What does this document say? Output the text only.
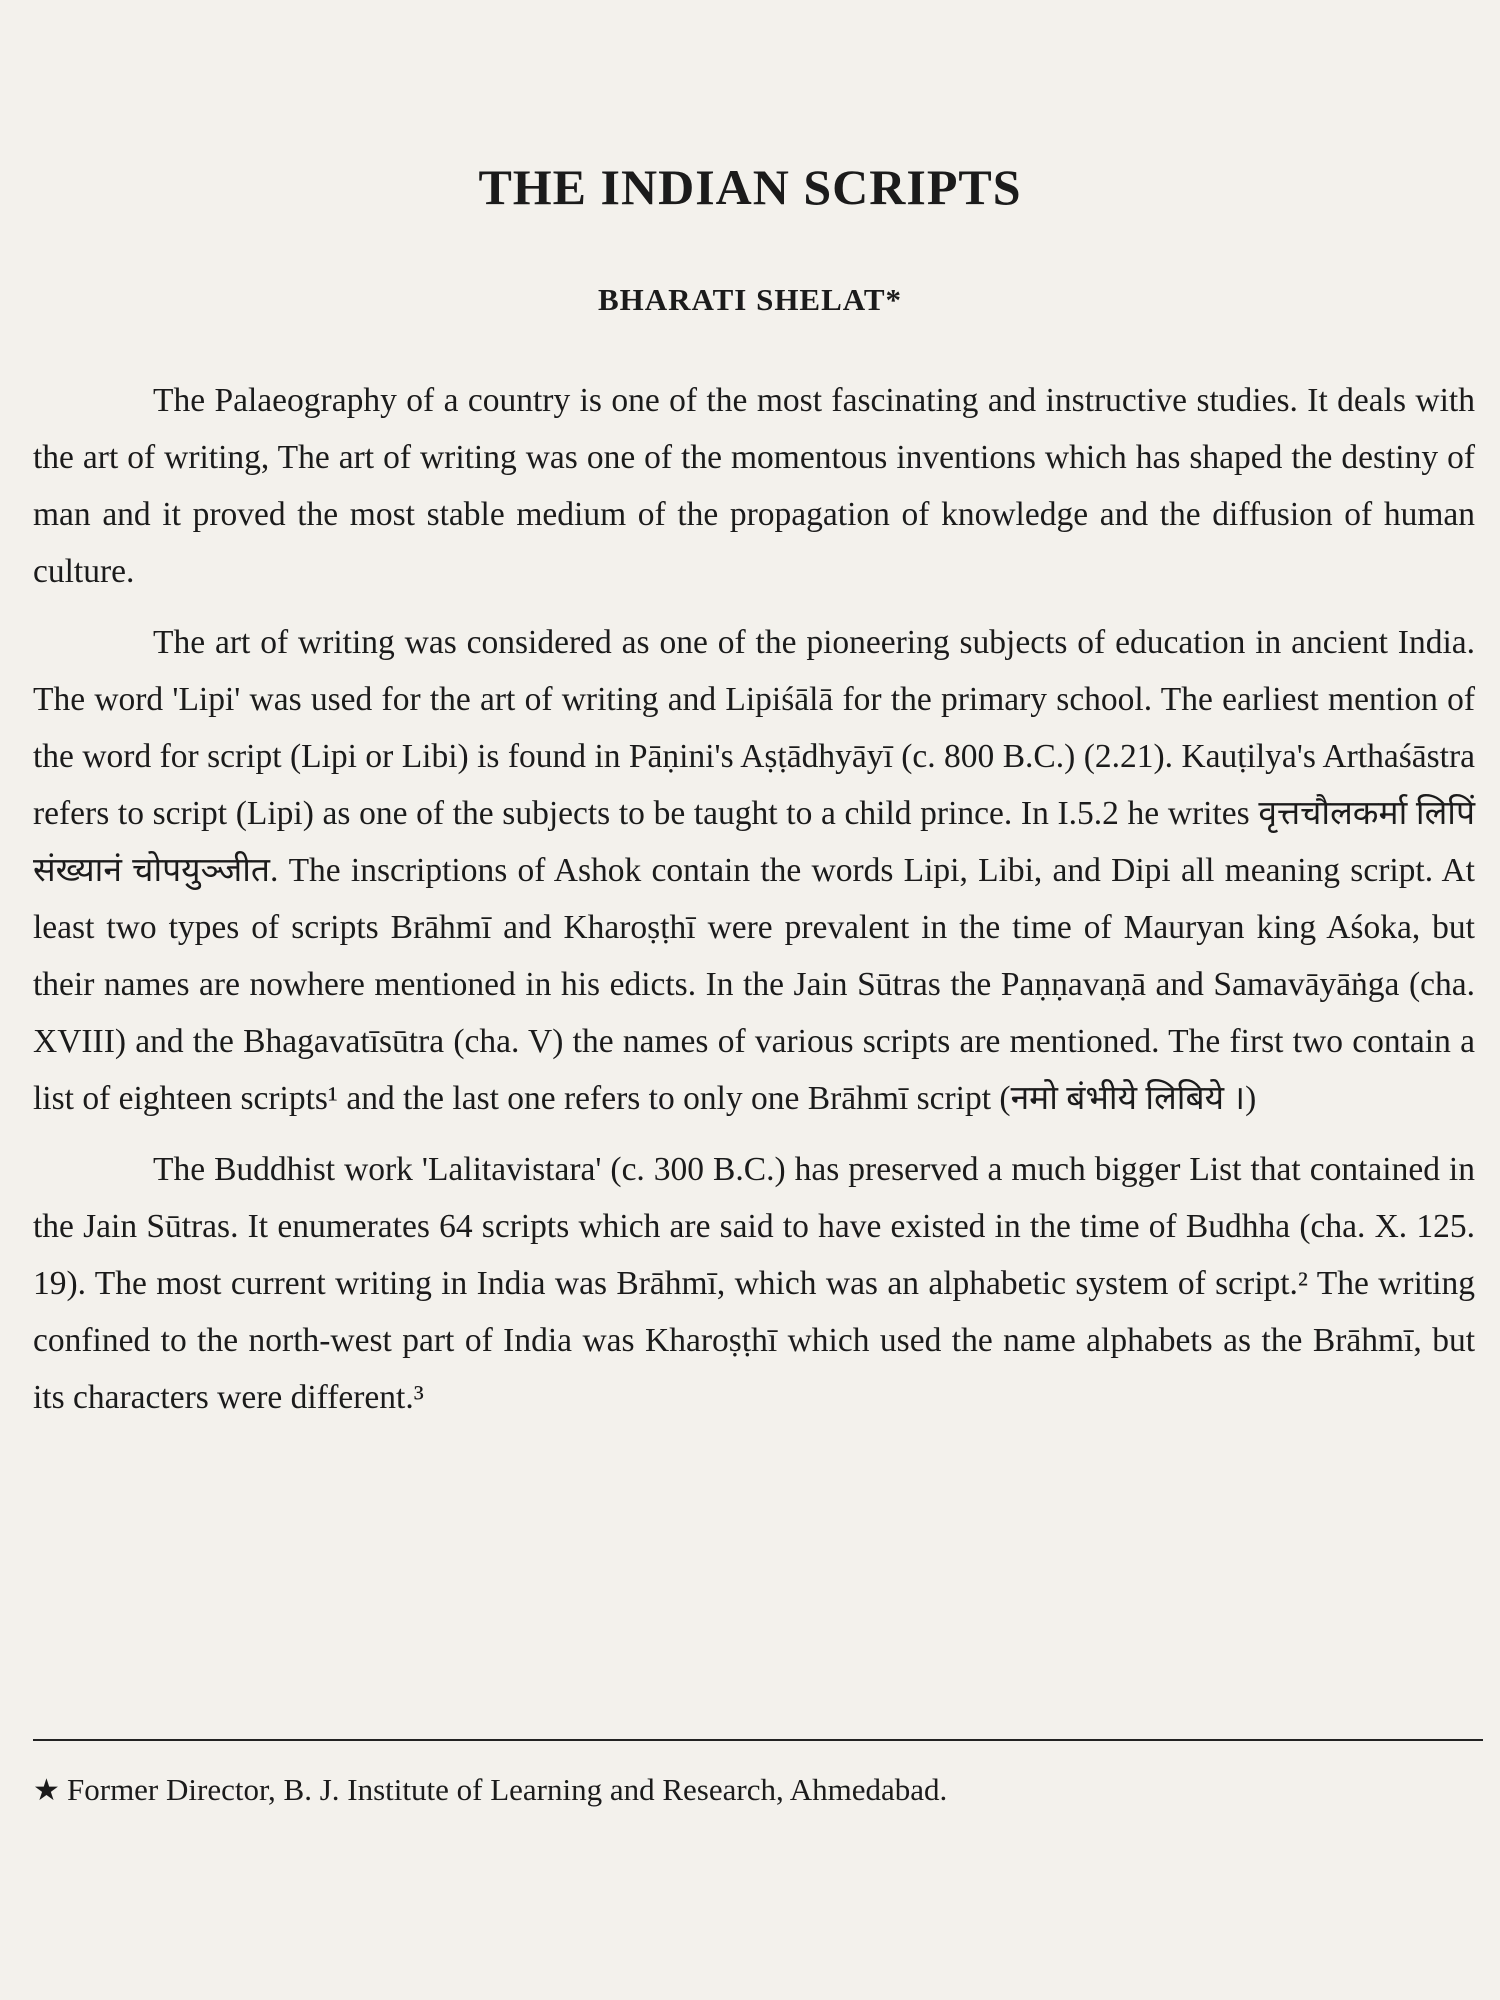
THE INDIAN SCRIPTS
BHARATI SHELAT*

The Palaeography of a country is one of the most fascinating and instructive studies. It deals with the art of writing, The art of writing was one of the momentous inventions which has shaped the destiny of man and it proved the most stable medium of the propagation of knowledge and the diffusion of human culture.

The art of writing was considered as one of the pioneering subjects of education in ancient India. The word 'Lipi' was used for the art of writing and Lipiśālā for the primary school. The earliest mention of the word for script (Lipi or Libi) is found in Pāṇini's Aṣṭādhyāyī (c. 800 B.C.) (2.21). Kauṭilya's Arthaśāstra refers to script (Lipi) as one of the subjects to be taught to a child prince. In I.5.2 he writes वृत्तचौलकर्मा लिपिं संख्यानं चोपयुञ्जीत. The inscriptions of Ashok contain the words Lipi, Libi, and Dipi all meaning script. At least two types of scripts Brāhmī and Kharoṣṭhī were prevalent in the time of Mauryan king Aśoka, but their names are nowhere mentioned in his edicts. In the Jain Sūtras the Paṇṇavaṇā and Samavāyāṅga (cha. XVIII) and the Bhagavatīsūtra (cha. V) the names of various scripts are mentioned. The first two contain a list of eighteen scripts¹ and the last one refers to only one Brāhmī script (नमो बंभीये लिबिये ।)

The Buddhist work 'Lalitavistara' (c. 300 B.C.) has preserved a much bigger List that contained in the Jain Sūtras. It enumerates 64 scripts which are said to have existed in the time of Budhha (cha. X. 125. 19). The most current writing in India was Brāhmī, which was an alphabetic system of script.² The writing confined to the north-west part of India was Kharoṣṭhī which used the name alphabets as the Brāhmī, but its characters were different.³

★ Former Director, B. J. Institute of Learning and Research, Ahmedabad.
